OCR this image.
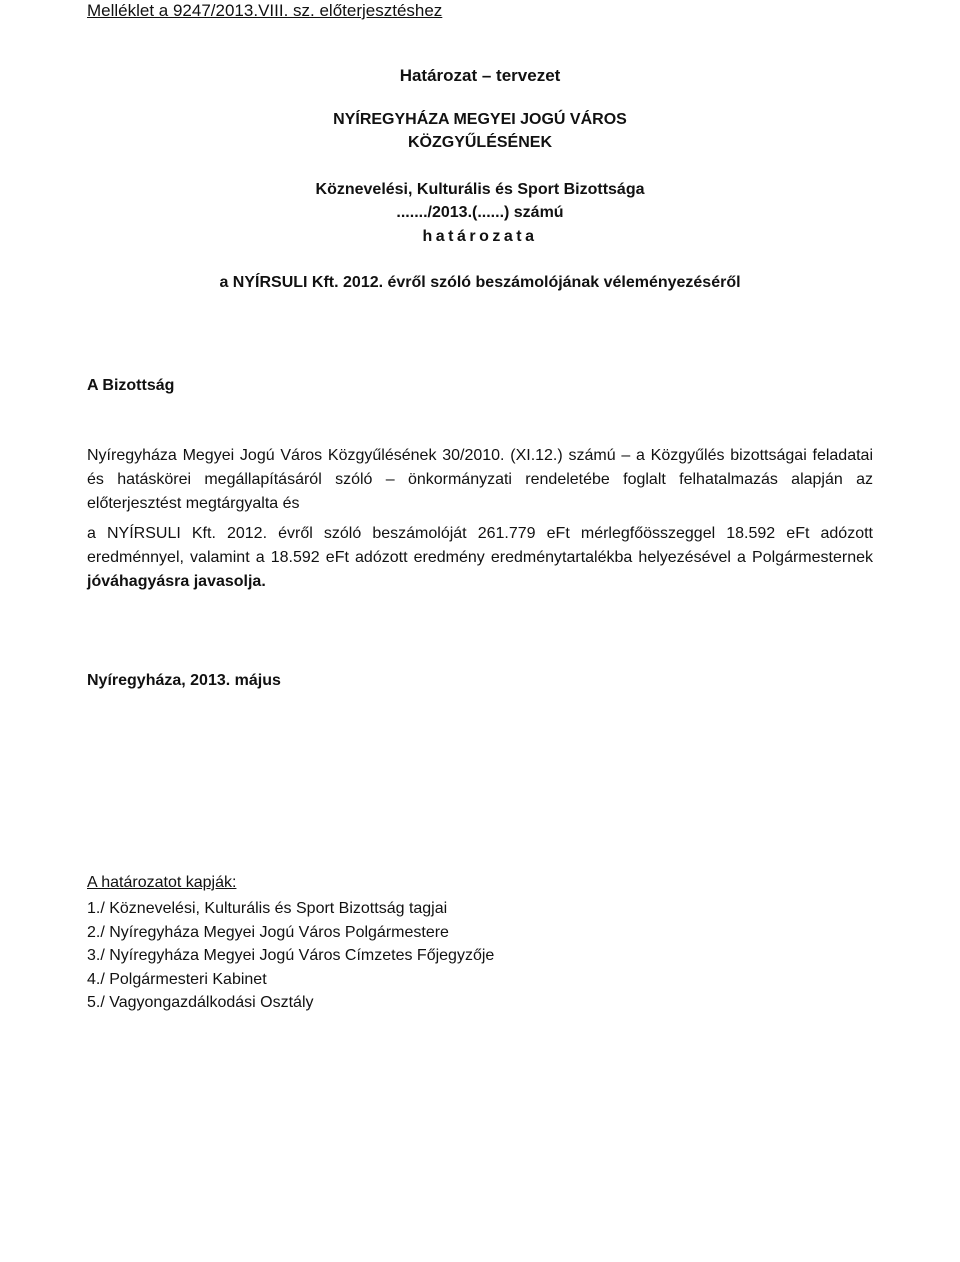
Melléklet a 9247/2013.VIII. sz. előterjesztéshez
Határozat – tervezet
NYÍREGYHÁZA MEGYEI JOGÚ VÁROS
KÖZGYŰLÉSÉNEK
Köznevelési, Kulturális és Sport Bizottsága
......./2013.(......) számú
határozata
a NYÍRSULI Kft. 2012. évről szóló beszámolójának véleményezéséről
A Bizottság
Nyíregyháza Megyei Jogú Város Közgyűlésének 30/2010. (XI.12.) számú – a Közgyűlés bizottságai feladatai és hatáskörei megállapításáról szóló – önkormányzati rendeletébe foglalt felhatalmazás alapján az előterjesztést megtárgyalta és
a NYÍRSULI Kft. 2012. évről szóló beszámolóját 261.779 eFt mérlegfőösszeggel 18.592 eFt adózott eredménnyel, valamint a 18.592 eFt adózott eredmény eredménytartalékba helyezésével a Polgármesternek jóváhagyásra javasolja.
Nyíregyháza, 2013. május
A határozatot kapják:
1./ Köznevelési, Kulturális és Sport Bizottság tagjai
2./ Nyíregyháza Megyei Jogú Város Polgármestere
3./ Nyíregyháza Megyei Jogú Város Címzetes Főjegyzője
4./ Polgármesteri Kabinet
5./ Vagyongazdálkodási Osztály
